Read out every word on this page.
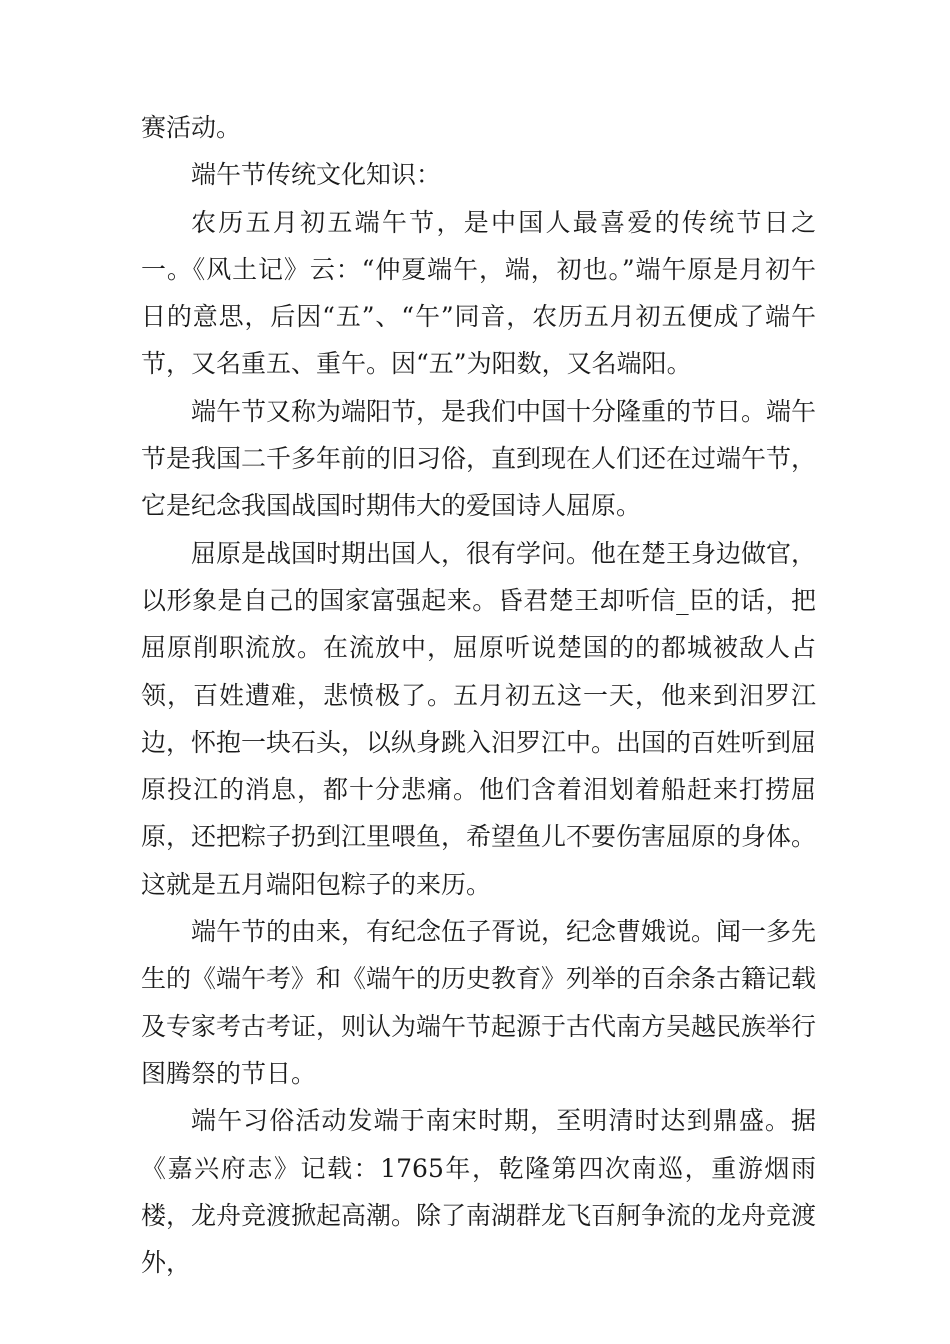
赛活动。

端午节传统文化知识：

农历五月初五端午节，是中国人最喜爱的传统节日之一。《风土记》云：“仲夏端午，端，初也。”端午原是月初午日的意思，后因“五”、“午”同音，农历五月初五便成了端午节，又名重五、重午。因“五”为阳数，又名端阳。

端午节又称为端阳节，是我们中国十分隆重的节日。端午节是我国二千多年前的旧习俗，直到现在人们还在过端午节，它是纪念我国战国时期伟大的爱国诗人屈原。

屈原是战国时期出国人，很有学问。他在楚王身边做官，以形象是自己的国家富强起来。昏君楚王却听信_臣的话，把屈原削职流放。在流放中，屈原听说楚国的的都城被敌人占领，百姓遭难，悲愤极了。五月初五这一天，他来到汨罗江边，怀抱一块石头，以纵身跳入汨罗江中。出国的百姓听到屈原投江的消息，都十分悲痛。他们含着泪划着船赶来打捞屈原，还把粽子扔到江里喂鱼，希望鱼儿不要伤害屈原的身体。这就是五月端阳包粽子的来历。

端午节的由来，有纪念伍子胥说，纪念曹娥说。闻一多先生的《端午考》和《端午的历史教育》列举的百余条古籍记载及专家考古考证，则认为端午节起源于古代南方吴越民族举行图腾祭的节日。

端午习俗活动发端于南宋时期，至明清时达到鼎盛。据《嘉兴府志》记载：1765年，乾隆第四次南巡，重游烟雨楼，龙舟竞渡掀起高潮。除了南湖群龙飞百舸争流的龙舟竞渡外，
